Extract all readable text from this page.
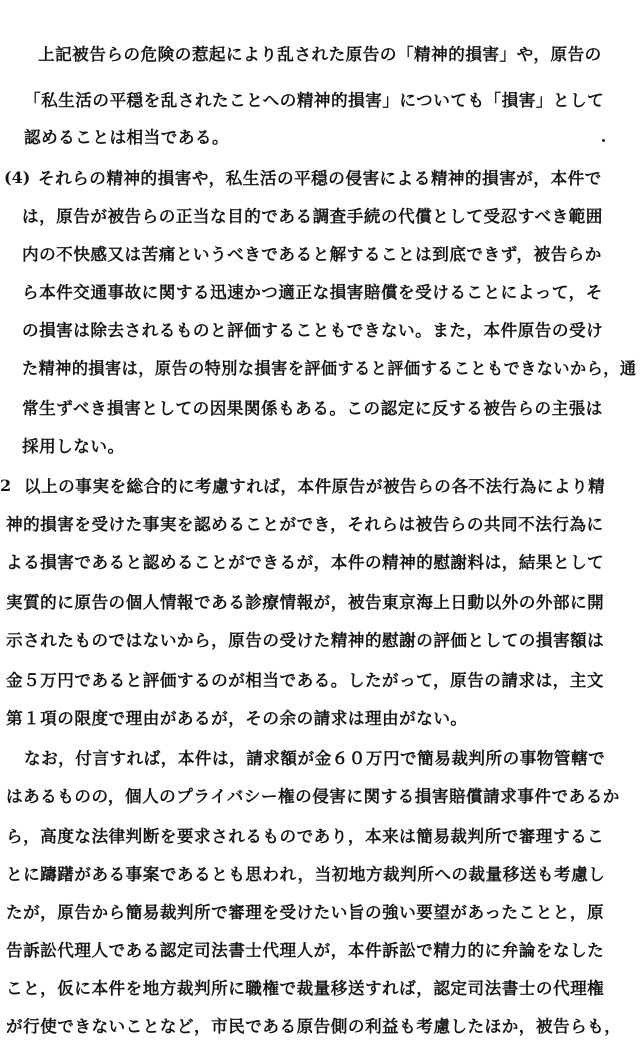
上記被告らの危険の惹起により乱された原告の「精神的損害」や，原告の
「私生活の平穏を乱されたことへの精神的損害」についても「損害」として
認めることは相当である。
(4) それらの精神的損害や，私生活の平穏の侵害による精神的損害が，本件で
は，原告が被告らの正当な目的である調査手続の代償として受忍すべき範囲
内の不快感又は苦痛というべきであると解することは到底できず，被告らか
ら本件交通事故に関する迅速かつ適正な損害賠償を受けることによって，そ
の損害は除去されるものと評価することもできない。また，本件原告の受け
た精神的損害は，原告の特別な損害を評価すると評価することもできないから，通
常生ずべき損害としての因果関係もある。この認定に反する被告らの主張は
採用しない。
2 以上の事実を総合的に考慮すれば，本件原告が被告らの各不法行為により精
神的損害を受けた事実を認めることができ，それらは被告らの共同不法行為に
よる損害であると認めることができるが，本件の精神的慰謝料は，結果として
実質的に原告の個人情報である診療情報が，被告東京海上日動以外の外部に開
示されたものではないから，原告の受けた精神的慰謝の評価としての損害額は
金５万円であると評価するのが相当である。したがって，原告の請求は，主文
第１項の限度で理由があるが，その余の請求は理由がない。
なお，付言すれば，本件は，請求額が金６０万円で簡易裁判所の事物管轄で
はあるものの，個人のプライバシー権の侵害に関する損害賠償請求事件であるか
ら，高度な法律判断を要求されるものであり，本来は簡易裁判所で審理するこ
とに躊躇がある事案であるとも思われ，当初地方裁判所への裁量移送も考慮し
たが，原告から簡易裁判所で審理を受けたい旨の強い要望があったことと，原
告訴訟代理人である認定司法書士代理人が，本件訴訟で精力的に弁論をなした
こと，仮に本件を地方裁判所に職権で裁量移送すれば，認定司法書士の代理権
が行使できないことなど，市民である原告側の利益も考慮したほか，被告らも，
